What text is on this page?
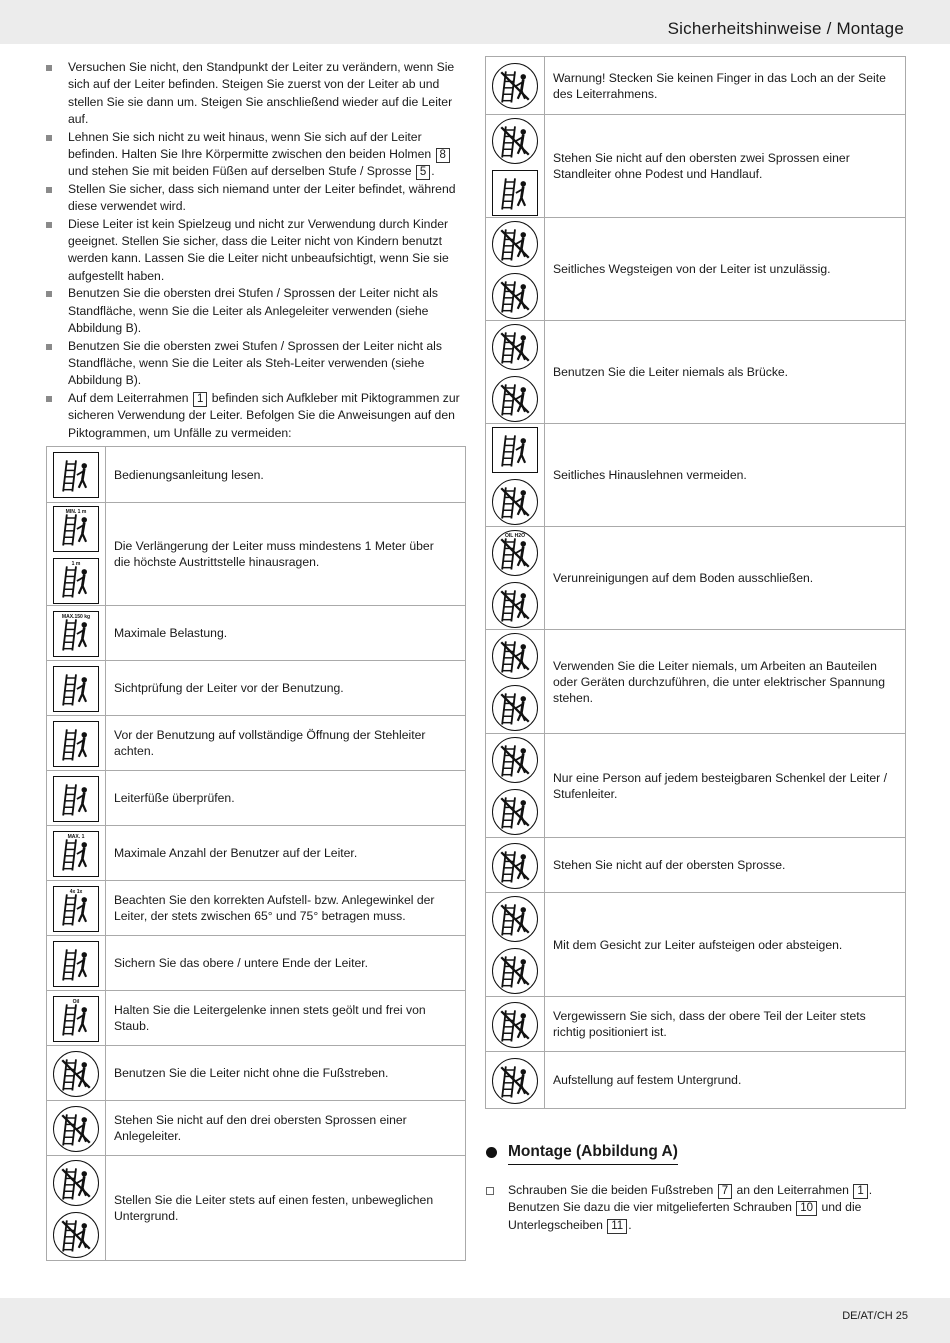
Sicherheitshinweise / Montage
Versuchen Sie nicht, den Standpunkt der Leiter zu verändern, wenn Sie sich auf der Leiter befinden. Steigen Sie zuerst von der Leiter ab und stellen Sie sie dann um. Steigen Sie anschließend wieder auf die Leiter auf.
Lehnen Sie sich nicht zu weit hinaus, wenn Sie sich auf der Leiter befinden. Halten Sie Ihre Körpermitte zwischen den beiden Holmen 8 und stehen Sie mit beiden Füßen auf derselben Stufe / Sprosse 5 .
Stellen Sie sicher, dass sich niemand unter der Leiter befindet, während diese verwendet wird.
Diese Leiter ist kein Spielzeug und nicht zur Verwendung durch Kinder geeignet. Stellen Sie sicher, dass die Leiter nicht von Kindern benutzt werden kann. Lassen Sie die Leiter nicht unbeaufsichtigt, wenn Sie sie aufgestellt haben.
Benutzen Sie die obersten drei Stufen / Sprossen der Leiter nicht als Standfläche, wenn Sie die Leiter als Anlegeleiter verwenden (siehe Abbildung B).
Benutzen Sie die obersten zwei Stufen / Sprossen der Leiter nicht als Standfläche, wenn Sie die Leiter als Steh-Leiter verwenden (siehe Abbildung B).
Auf dem Leiterrahmen 1 befinden sich Aufkleber mit Piktogrammen zur sicheren Verwendung der Leiter. Befolgen Sie die Anweisungen auf den Piktogrammen, um Unfälle zu vermeiden:
Bedienungsanleitung lesen.
MIN. 1 m
1 m
Die Verlängerung der Leiter muss mindestens 1 Meter über die höchste Austrittstelle hinausragen.
MAX.150 kg
Maximale Belastung.
Sichtprüfung der Leiter vor der Benutzung.
Vor der Benutzung auf vollständige Öffnung der Stehleiter achten.
Leiterfüße überprüfen.
MAX. 1
Maximale Anzahl der Benutzer auf der Leiter.
4x 1x
Beachten Sie den korrekten Aufstell- bzw. Anlegewinkel der Leiter, der stets zwischen 65° und 75° betragen muss.
Sichern Sie das obere / untere Ende der Leiter.
Oil
Halten Sie die Leitergelenke innen stets geölt und frei von Staub.
Benutzen Sie die Leiter nicht ohne die Fußstreben.
Stehen Sie nicht auf den drei obersten Sprossen einer Anlegeleiter.
Stellen Sie die Leiter stets auf einen festen, unbeweglichen Untergrund.
Warnung! Stecken Sie keinen Finger in das Loch an der Seite des Leiterrahmens.
Stehen Sie nicht auf den obersten zwei Sprossen einer Standleiter ohne Podest und Handlauf.
Seitliches Wegsteigen von der Leiter ist unzulässig.
Benutzen Sie die Leiter niemals als Brücke.
Seitliches Hinauslehnen vermeiden.
OIL H2O
Verunreinigungen auf dem Boden ausschließen.
Verwenden Sie die Leiter niemals, um Arbeiten an Bauteilen oder Geräten durchzuführen, die unter elektrischer Spannung stehen.
Nur eine Person auf jedem besteigbaren Schenkel der Leiter / Stufenleiter.
Stehen Sie nicht auf der obersten Sprosse.
Mit dem Gesicht zur Leiter aufsteigen oder absteigen.
Vergewissern Sie sich, dass der obere Teil der Leiter stets richtig positioniert ist.
Aufstellung auf festem Untergrund.
Montage (Abbildung A)
Schrauben Sie die beiden Fußstreben 7 an den Leiterrahmen 1 . Benutzen Sie dazu die vier mitgelieferten Schrauben 10 und die Unterlegscheiben 11 .
DE/AT/CH 25
